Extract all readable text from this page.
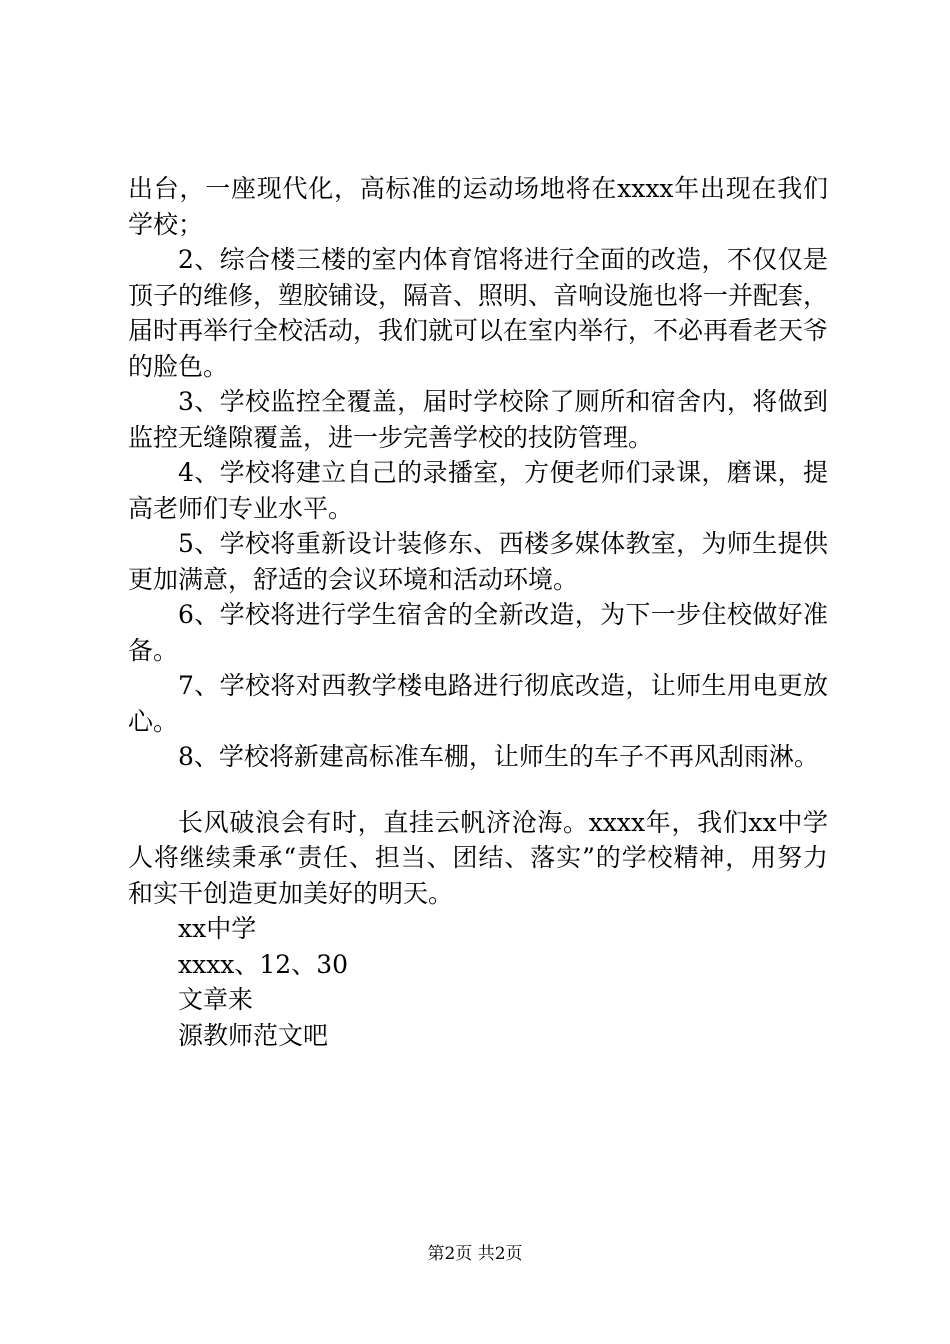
出台，一座现代化，高标准的运动场地将在xxxx年出现在我们学校；

2、综合楼三楼的室内体育馆将进行全面的改造，不仅仅是顶子的维修，塑胶铺设，隔音、照明、音响设施也将一并配套，届时再举行全校活动，我们就可以在室内举行，不必再看老天爷的脸色。

3、学校监控全覆盖，届时学校除了厕所和宿舍内，将做到监控无缝隙覆盖，进一步完善学校的技防管理。

4、学校将建立自己的录播室，方便老师们录课，磨课，提高老师们专业水平。

5、学校将重新设计装修东、西楼多媒体教室，为师生提供更加满意，舒适的会议环境和活动环境。

6、学校将进行学生宿舍的全新改造，为下一步住校做好准备。

7、学校将对西教学楼电路进行彻底改造，让师生用电更放心。

8、学校将新建高标准车棚，让师生的车子不再风刮雨淋。

长风破浪会有时，直挂云帆济沧海。xxxx年，我们xx中学人将继续秉承“责任、担当、团结、落实”的学校精神，用努力和实干创造更加美好的明天。

xx中学

xxxx、12、30

文章来

源教师范文吧

第2页 共2页
